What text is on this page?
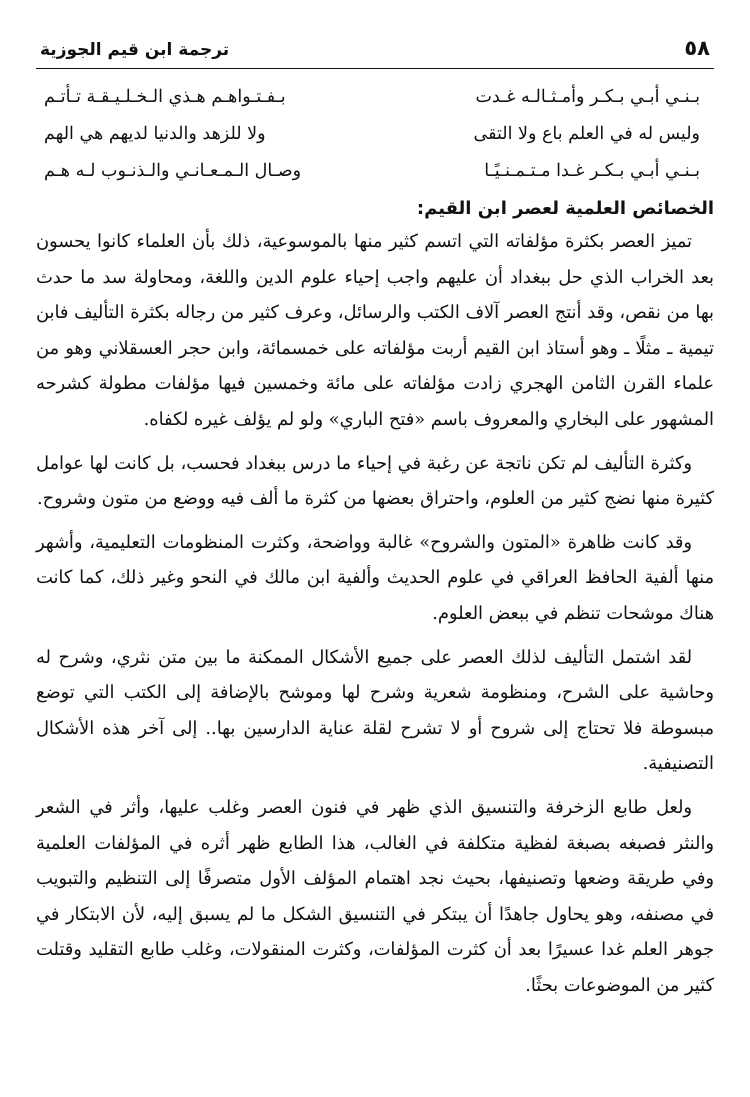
٥٨
ترجمة ابن قيم الجوزية
بـنـي أبـي بـكـر وأمـثـالـه غـدت
بـفـتـواهـم هـذي الـخـلـيـقـة تـأتـم
وليس له في العلم باع ولا التقى
ولا للزهد والدنيا لديهم هي الهم
بـنـي أبـي بـكـر غـدا مـتـمـنـيًـا
وصـال الـمـعـانـي والـذنـوب لـه هـم
الخصائص العلمية لعصر ابن القيم:

تميز العصر بكثرة مؤلفاته التي اتسم كثير منها بالموسوعية، ذلك بأن العلماء كانوا يحسون بعد الخراب الذي حل ببغداد أن عليهم واجب إحياء علوم الدين واللغة، ومحاولة سد ما حدث بها من نقص، وقد أنتج العصر آلاف الكتب والرسائل، وعرف كثير من رجاله بكثرة التأليف فابن تيمية ـ مثلًا ـ وهو أستاذ ابن القيم أربت مؤلفاته على خمسمائة، وابن حجر العسقلاني وهو من علماء القرن الثامن الهجري زادت مؤلفاته على مائة وخمسين فيها مؤلفات مطولة كشرحه المشهور على البخاري والمعروف باسم «فتح الباري» ولو لم يؤلف غيره لكفاه.

وكثرة التأليف لم تكن ناتجة عن رغبة في إحياء ما درس ببغداد فحسب، بل كانت لها عوامل كثيرة منها نضج كثير من العلوم، واحتراق بعضها من كثرة ما ألف فيه ووضع من متون وشروح.

وقد كانت ظاهرة «المتون والشروح» غالبة وواضحة، وكثرت المنظومات التعليمية، وأشهر منها ألفية الحافظ العراقي في علوم الحديث وألفية ابن مالك في النحو وغير ذلك، كما كانت هناك موشحات تنظم في ببعض العلوم.

لقد اشتمل التأليف لذلك العصر على جميع الأشكال الممكنة ما بين متن نثري، وشرح له وحاشية على الشرح، ومنظومة شعرية وشرح لها وموشح بالإضافة إلى الكتب التي توضع مبسوطة فلا تحتاج إلى شروح أو لا تشرح لقلة عناية الدارسين بها.. إلى آخر هذه الأشكال التصنيفية.

ولعل طابع الزخرفة والتنسيق الذي ظهر في فنون العصر وغلب عليها، وأثر في الشعر والنثر فصبغه بصبغة لفظية متكلفة في الغالب، هذا الطابع ظهر أثره في المؤلفات العلمية وفي طريقة وضعها وتصنيفها، بحيث نجد اهتمام المؤلف الأول متصرفًا إلى التنظيم والتبويب في مصنفه، وهو يحاول جاهدًا أن يبتكر في التنسيق الشكل ما لم يسبق إليه، لأن الابتكار في جوهر العلم غدا عسيرًا بعد أن كثرت المؤلفات، وكثرت المنقولات، وغلب طابع التقليد وقتلت كثير من الموضوعات بحثًا.
